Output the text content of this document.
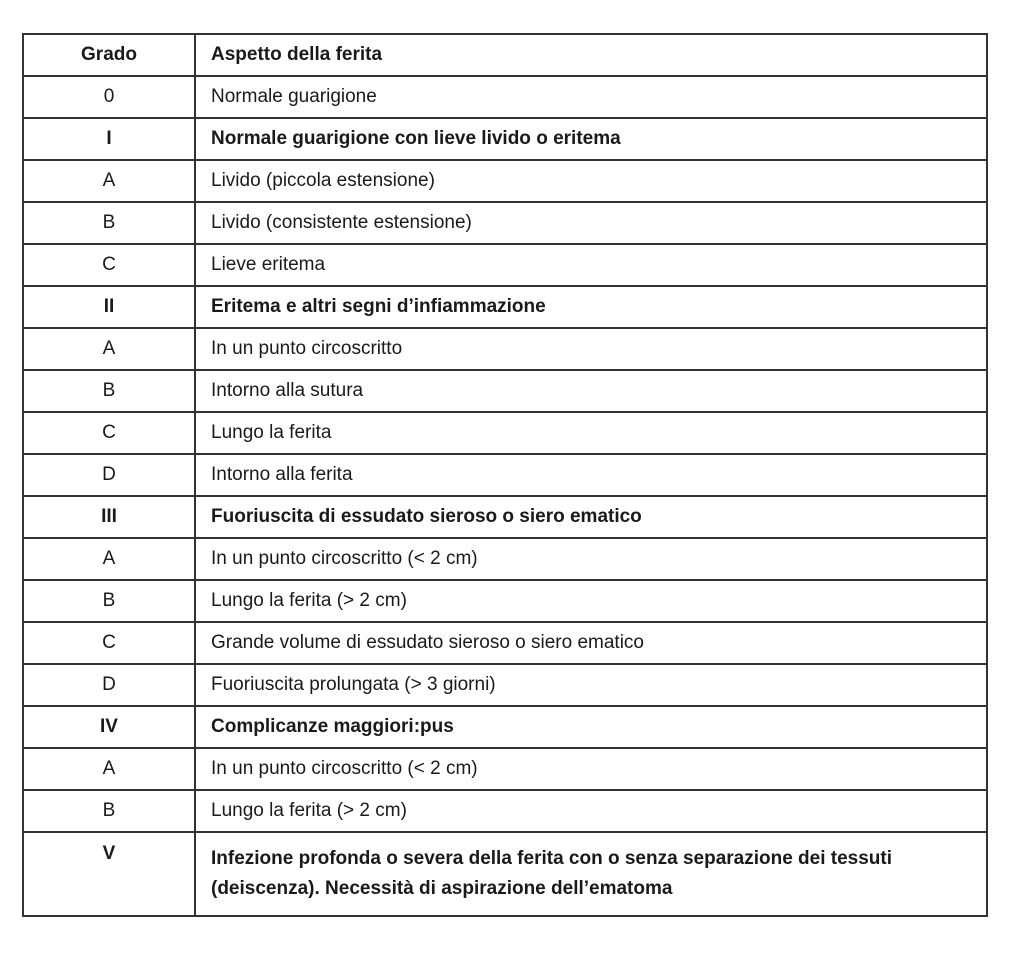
Grado	Aspetto della ferita
0	Normale guarigione
I	Normale guarigione con lieve livido o eritema
A	Livido (piccola estensione)
B	Livido (consistente estensione)
C	Lieve eritema
II	Eritema e altri segni d’infiammazione
A	In un punto circoscritto
B	Intorno alla sutura
C	Lungo la ferita
D	Intorno alla ferita
III	Fuoriuscita di essudato sieroso o siero ematico
A	In un punto circoscritto (< 2 cm)
B	Lungo la ferita (> 2 cm)
C	Grande volume di essudato sieroso o siero ematico
D	Fuoriuscita prolungata (> 3 giorni)
IV	Complicanze maggiori:pus
A	In un punto circoscritto (< 2 cm)
B	Lungo la ferita (> 2 cm)
V	Infezione profonda o severa della ferita con o senza separazione dei tessuti (deiscenza). Necessità di aspirazione dell’ematoma
